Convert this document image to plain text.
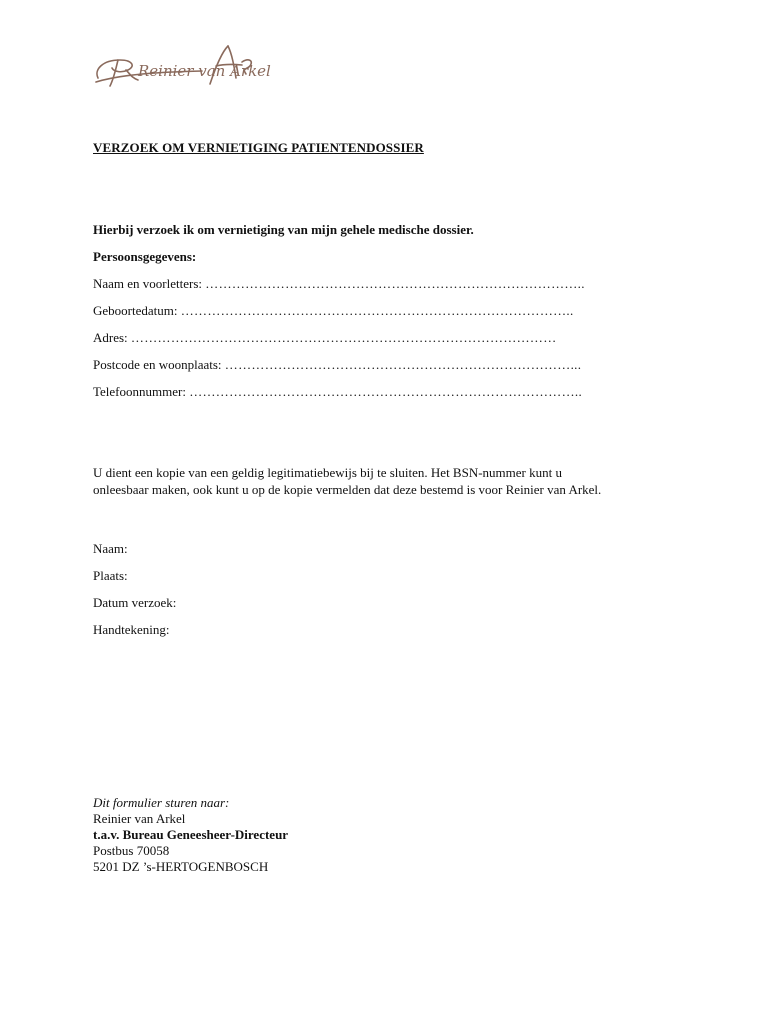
Reinier van Arkel
VERZOEK OM VERNIETIGING PATIENTENDOSSIER
Hierbij verzoek ik om vernietiging van mijn gehele medische dossier.
Persoonsgegevens:
Naam en voorletters: …………………………………………………………………………..
Geboortedatum: ……………………………………………………………………………..
Adres: ……………………………………………………………………………………
Postcode en woonplaats: ……………………………………………………………………...
Telefoonnummer: ……………………………………………………………………………..
U dient een kopie van een geldig legitimatiebewijs bij te sluiten. Het BSN-nummer kunt u
onleesbaar maken, ook kunt u op de kopie vermelden dat deze bestemd is voor Reinier van Arkel.
Naam:
Plaats:
Datum verzoek:
Handtekening:
Dit formulier sturen naar:
Reinier van Arkel
t.a.v. Bureau Geneesheer-Directeur
Postbus 70058
5201 DZ ’s-HERTOGENBOSCH
